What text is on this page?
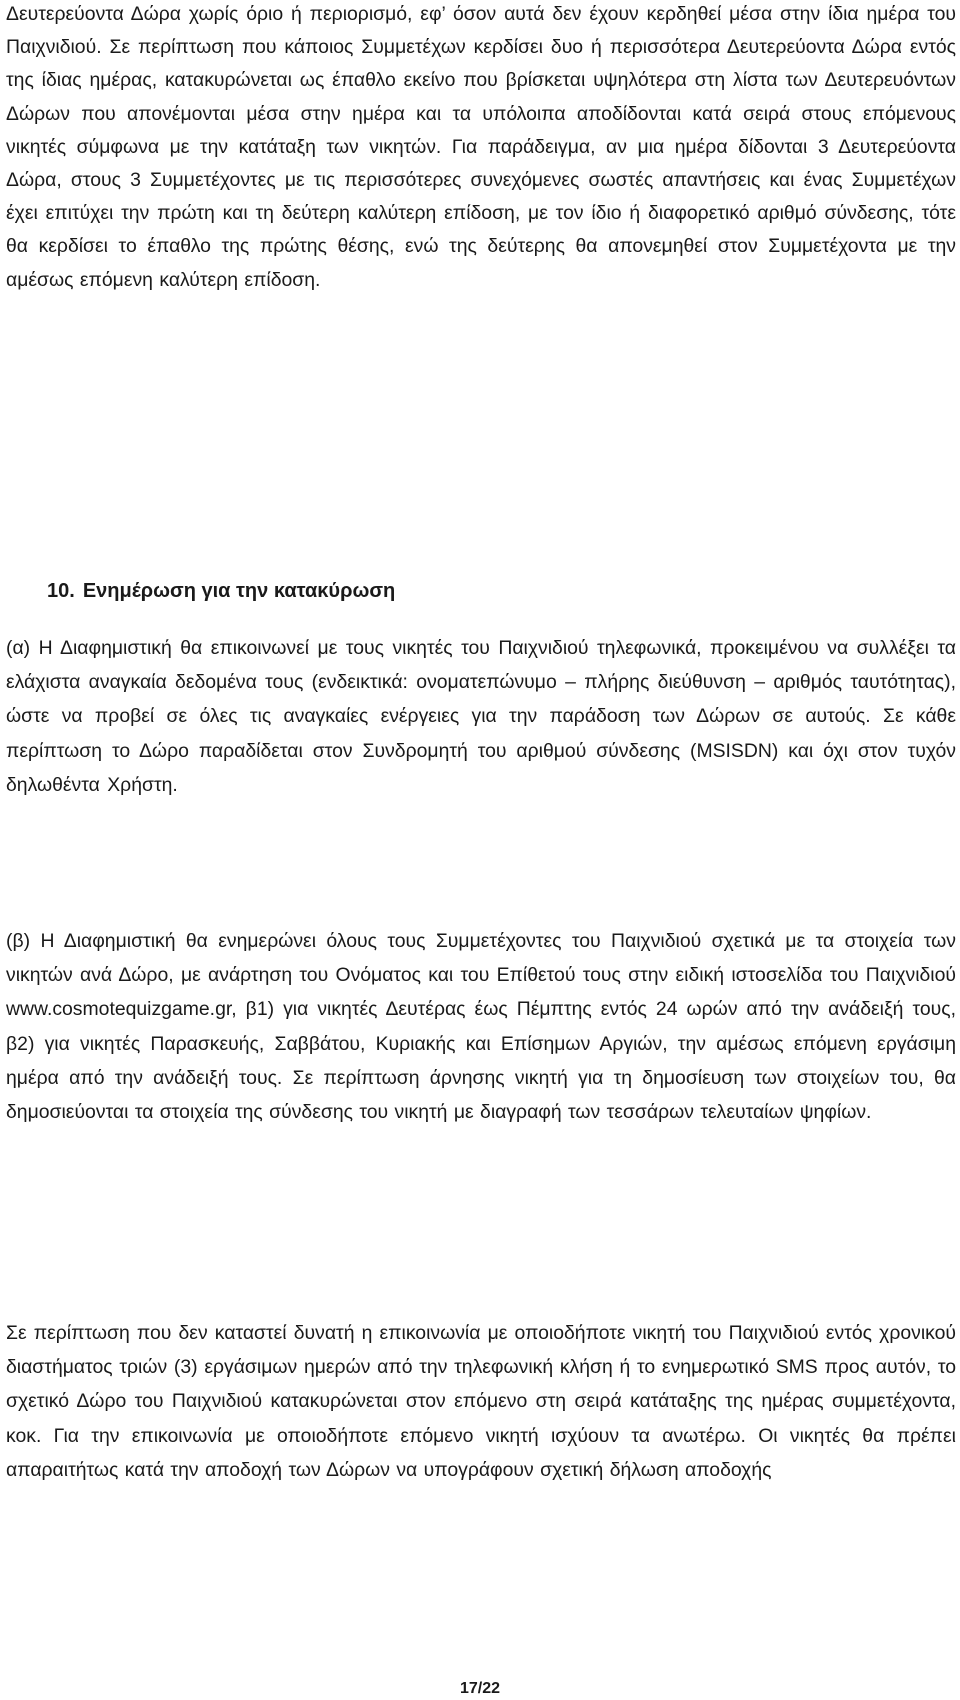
Δευτερεύοντα Δώρα χωρίς όριο ή περιορισμό, εφ’ όσον αυτά δεν έχουν κερδηθεί μέσα στην ίδια ημέρα του Παιχνιδιού. Σε περίπτωση που κάποιος Συμμετέχων κερδίσει δυο ή περισσότερα Δευτερεύοντα Δώρα εντός της ίδιας ημέρας, κατακυρώνεται ως έπαθλο εκείνο που βρίσκεται υψηλότερα στη λίστα των Δευτερευόντων Δώρων που απονέμονται μέσα στην ημέρα και τα υπόλοιπα αποδίδονται κατά σειρά στους επόμενους νικητές σύμφωνα με την κατάταξη των νικητών. Για παράδειγμα, αν μια ημέρα δίδονται 3 Δευτερεύοντα Δώρα, στους 3 Συμμετέχοντες με τις περισσότερες συνεχόμενες σωστές απαντήσεις και ένας Συμμετέχων έχει επιτύχει την πρώτη και τη δεύτερη καλύτερη επίδοση, με τον ίδιο ή διαφορετικό αριθμό σύνδεσης, τότε θα κερδίσει το έπαθλο της πρώτης θέσης, ενώ της δεύτερης θα απονεμηθεί στον Συμμετέχοντα με την αμέσως επόμενη καλύτερη επίδοση.

10. Ενημέρωση για την κατακύρωση

(α) Η Διαφημιστική θα επικοινωνεί με τους νικητές του Παιχνιδιού τηλεφωνικά, προκειμένου να συλλέξει τα ελάχιστα αναγκαία δεδομένα τους (ενδεικτικά: ονοματεπώνυμο – πλήρης διεύθυνση – αριθμός ταυτότητας), ώστε να προβεί σε όλες τις αναγκαίες ενέργειες για την παράδοση των Δώρων σε αυτούς. Σε κάθε περίπτωση το Δώρο παραδίδεται στον Συνδρομητή του αριθμού σύνδεσης (MSISDN) και όχι στον τυχόν δηλωθέντα Χρήστη.

(β) Η Διαφημιστική θα ενημερώνει όλους τους Συμμετέχοντες του Παιχνιδιού σχετικά με τα στοιχεία των νικητών ανά Δώρο, με ανάρτηση του Ονόματος και του Επίθετού τους στην ειδική ιστοσελίδα του Παιχνιδιού www.cosmotequizgame.gr, β1) για νικητές Δευτέρας έως Πέμπτης εντός 24 ωρών από την ανάδειξή τους, β2) για νικητές Παρασκευής, Σαββάτου, Κυριακής και Επίσημων Αργιών, την αμέσως επόμενη εργάσιμη ημέρα από την ανάδειξή τους. Σε περίπτωση άρνησης νικητή για τη δημοσίευση των στοιχείων του, θα δημοσιεύονται τα στοιχεία της σύνδεσης του νικητή με διαγραφή των τεσσάρων τελευταίων ψηφίων.

Σε περίπτωση που δεν καταστεί δυνατή η επικοινωνία με οποιοδήποτε νικητή του Παιχνιδιού εντός χρονικού διαστήματος τριών (3) εργάσιμων ημερών από την τηλεφωνική κλήση ή το ενημερωτικό SMS προς αυτόν, το σχετικό Δώρο του Παιχνιδιού κατακυρώνεται στον επόμενο στη σειρά κατάταξης της ημέρας συμμετέχοντα, κοκ. Για την επικοινωνία με οποιοδήποτε επόμενο νικητή ισχύουν τα ανωτέρω. Οι νικητές θα πρέπει απαραιτήτως κατά την αποδοχή των Δώρων να υπογράφουν σχετική δήλωση αποδοχής

17/22
